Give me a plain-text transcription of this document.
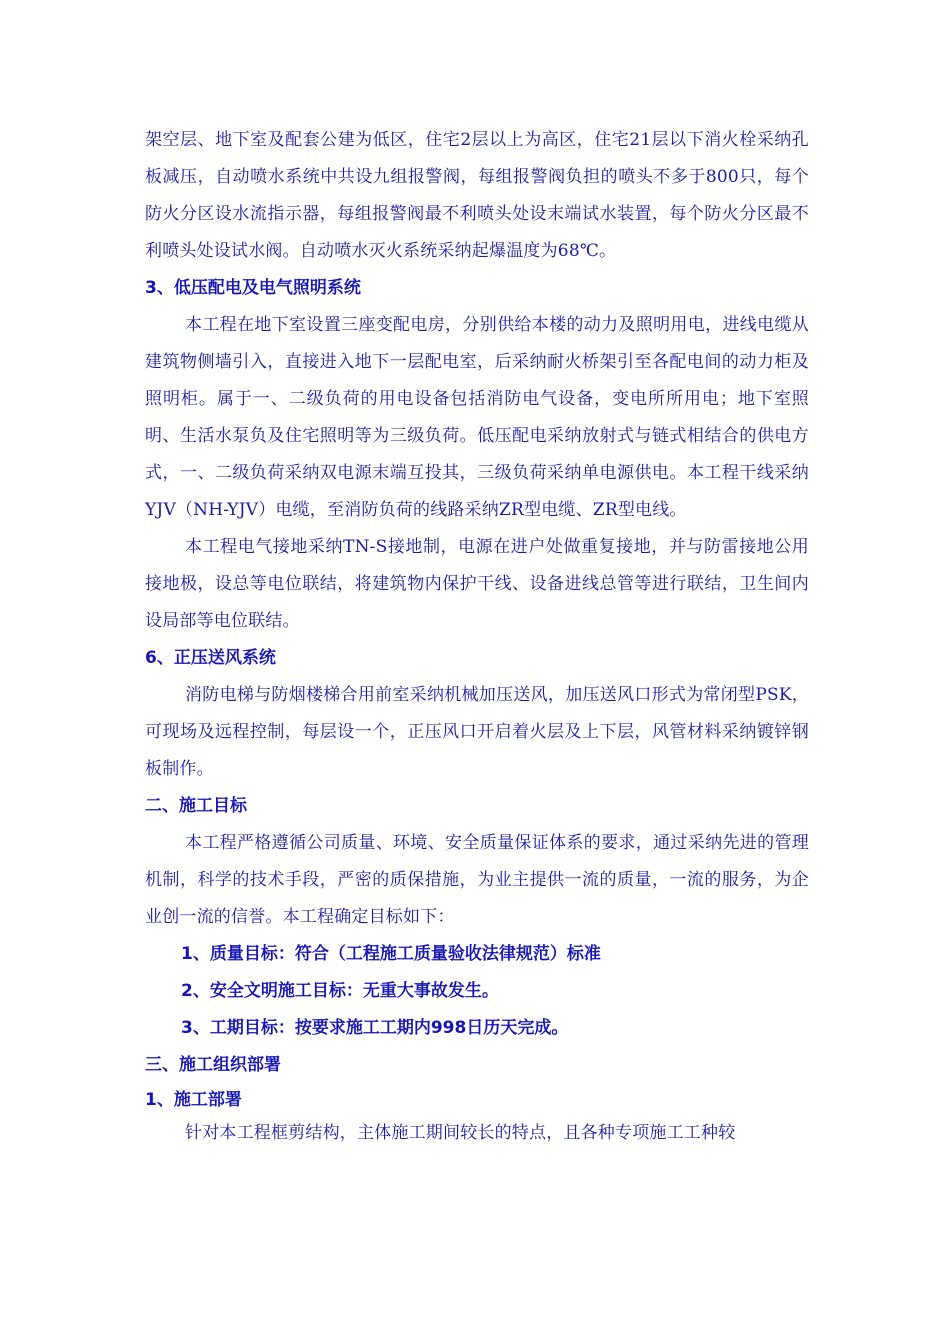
架空层、地下室及配套公建为低区，住宅2层以上为高区，住宅21层以下消火栓采纳孔板减压，自动喷水系统中共设九组报警阀，每组报警阀负担的喷头不多于800只，每个防火分区设水流指示器，每组报警阀最不利喷头处设末端试水装置，每个防火分区最不利喷头处设试水阀。自动喷水灭火系统采纳起爆温度为68℃。

3、低压配电及电气照明系统

本工程在地下室设置三座变配电房，分别供给本楼的动力及照明用电，进线电缆从建筑物侧墙引入，直接进入地下一层配电室，后采纳耐火桥架引至各配电间的动力柜及照明柜。属于一、二级负荷的用电设备包括消防电气设备，变电所所用电；地下室照明、生活水泵负及住宅照明等为三级负荷。低压配电采纳放射式与链式相结合的供电方式，一、二级负荷采纳双电源末端互投其，三级负荷采纳单电源供电。本工程干线采纳YJV（NH-YJV）电缆，至消防负荷的线路采纳ZR型电缆、ZR型电线。

本工程电气接地采纳TN-S接地制，电源在进户处做重复接地，并与防雷接地公用接地极，设总等电位联结，将建筑物内保护干线、设备进线总管等进行联结，卫生间内设局部等电位联结。

6、正压送风系统

消防电梯与防烟楼梯合用前室采纳机械加压送风，加压送风口形式为常闭型PSK，可现场及远程控制，每层设一个，正压风口开启着火层及上下层，风管材料采纳镀锌钢板制作。

二、施工目标

本工程严格遵循公司质量、环境、安全质量保证体系的要求，通过采纳先进的管理机制，科学的技术手段，严密的质保措施，为业主提供一流的质量，一流的服务，为企业创一流的信誉。本工程确定目标如下：

1、质量目标：符合（工程施工质量验收法律规范）标准

2、安全文明施工目标：无重大事故发生。

3、工期目标：按要求施工工期内998日历天完成。

三、施工组织部署

1、施工部署

针对本工程框剪结构，主体施工期间较长的特点，且各种专项施工工种较
